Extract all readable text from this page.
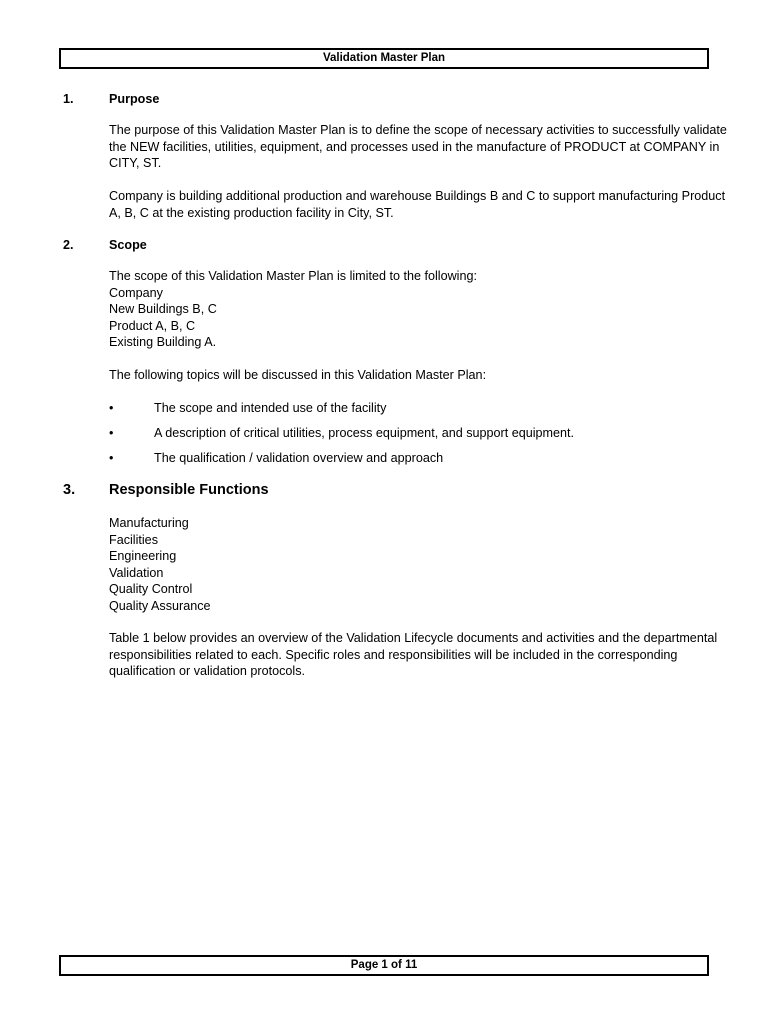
Validation Master Plan
1.	Purpose

The purpose of this Validation Master Plan is to define the scope of necessary activities to successfully validate the NEW facilities, utilities, equipment, and processes used in the manufacture of PRODUCT at COMPANY in CITY, ST.

Company is building additional production and warehouse Buildings B and C to support manufacturing Product A, B, C at the existing production facility in City, ST.

2.	Scope
The scope of this Validation Master Plan is limited to the following:
Company
New Buildings B, C
Product A, B, C
Existing Building A.

The following topics will be discussed in this Validation Master Plan:

•	The scope and intended use of the facility
•	A description of critical utilities, process equipment, and support equipment.
•	The qualification / validation overview and approach
3. Responsible Functions
Manufacturing
Facilities
Engineering
Validation
Quality Control
Quality Assurance

Table 1 below provides an overview of the Validation Lifecycle documents and activities and the departmental responsibilities related to each. Specific roles and responsibilities will be included in the corresponding qualification or validation protocols.

Page 1 of 11
